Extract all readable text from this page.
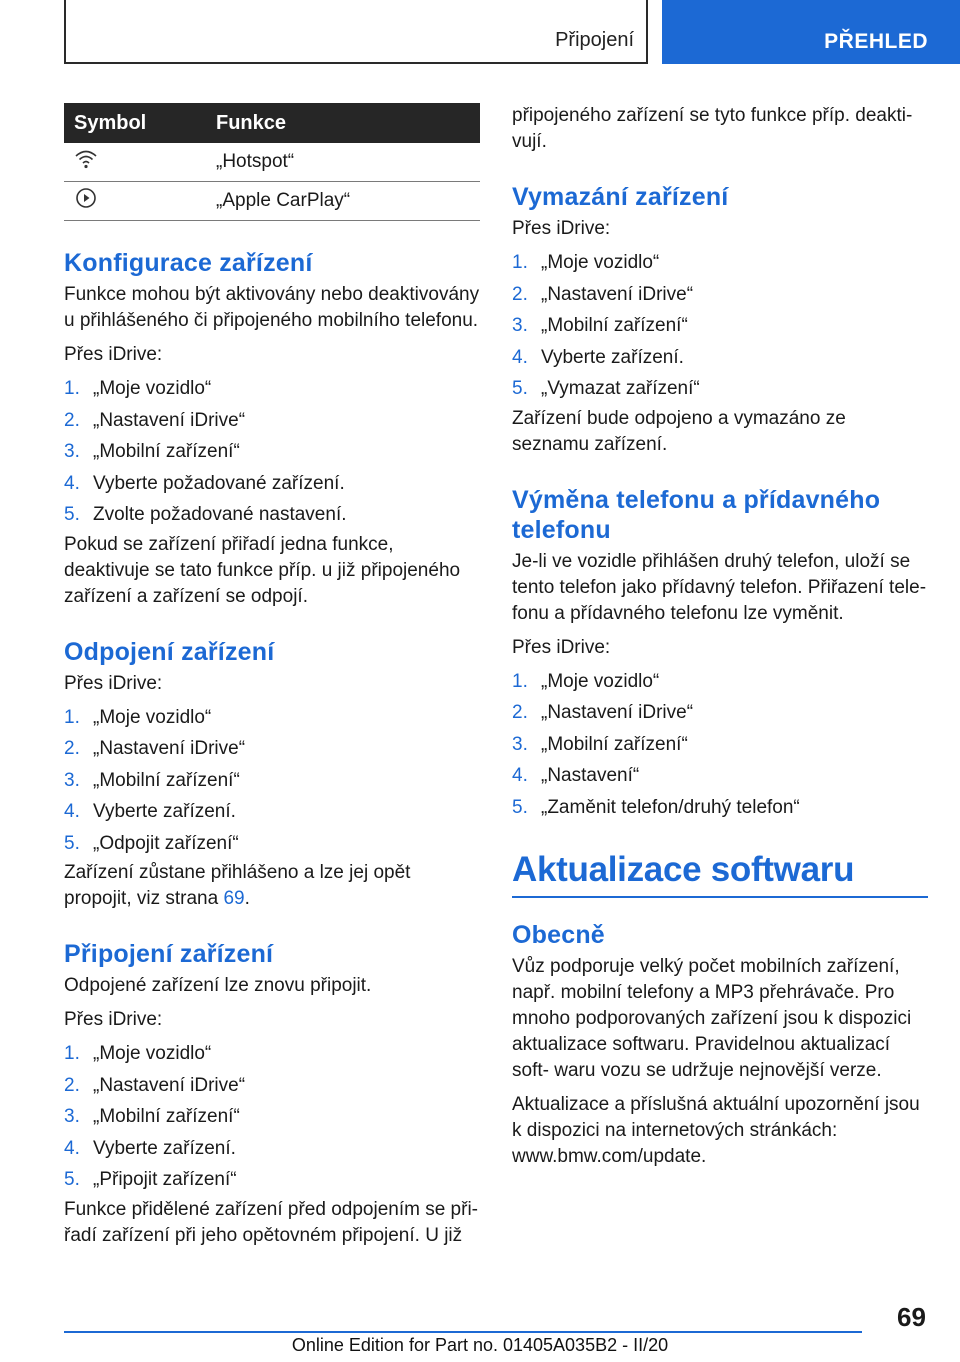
Připojení	PŘEHLED
Symbol	Funkce
	„Hotspot“
	„Apple CarPlay“
Konfigurace zařízení

Funkce mohou být aktivovány nebo deaktivovány u přihlášeného či připojeného mobilního telefonu.

Přes iDrive:

1. „Moje vozidlo“
2. „Nastavení iDrive“
3. „Mobilní zařízení“
4. Vyberte požadované zařízení.
5. Zvolte požadované nastavení.

Pokud se zařízení přiřadí jedna funkce, deaktivuje se tato funkce příp. u již připojeného zařízení a zařízení se odpojí.

Odpojení zařízení

Přes iDrive:

1. „Moje vozidlo“
2. „Nastavení iDrive“
3. „Mobilní zařízení“
4. Vyberte zařízení.
5. „Odpojit zařízení“

Zařízení zůstane přihlášeno a lze jej opět propojit, viz strana 69.

Připojení zařízení

Odpojené zařízení lze znovu připojit.

Přes iDrive:

1. „Moje vozidlo“
2. „Nastavení iDrive“
3. „Mobilní zařízení“
4. Vyberte zařízení.
5. „Připojit zařízení“

Funkce přidělené zařízení před odpojením se při- řadí zařízení při jeho opětovném připojení. U již

připojeného zařízení se tyto funkce příp. deakti- vují.

Vymazání zařízení

Přes iDrive:

1. „Moje vozidlo“
2. „Nastavení iDrive“
3. „Mobilní zařízení“
4. Vyberte zařízení.
5. „Vymazat zařízení“

Zařízení bude odpojeno a vymazáno ze seznamu zařízení.

Výměna telefonu a přídavného telefonu

Je-li ve vozidle přihlášen druhý telefon, uloží se tento telefon jako přídavný telefon. Přiřazení tele- fonu a přídavného telefonu lze vyměnit.

Přes iDrive:

1. „Moje vozidlo“
2. „Nastavení iDrive“
3. „Mobilní zařízení“
4. „Nastavení“
5. „Zaměnit telefon/druhý telefon“
Aktualizace softwaru
Obecně

Vůz podporuje velký počet mobilních zařízení, např. mobilní telefony a MP3 přehrávače. Pro mnoho podporovaných zařízení jsou k dispozici aktualizace softwaru. Pravidelnou aktualizací soft- waru vozu se udržuje nejnovější verze.

Aktualizace a příslušná aktuální upozornění jsou k dispozici na internetových stránkách: www.bmw.com/update.

69
Online Edition for Part no. 01405A035B2 - II/20
